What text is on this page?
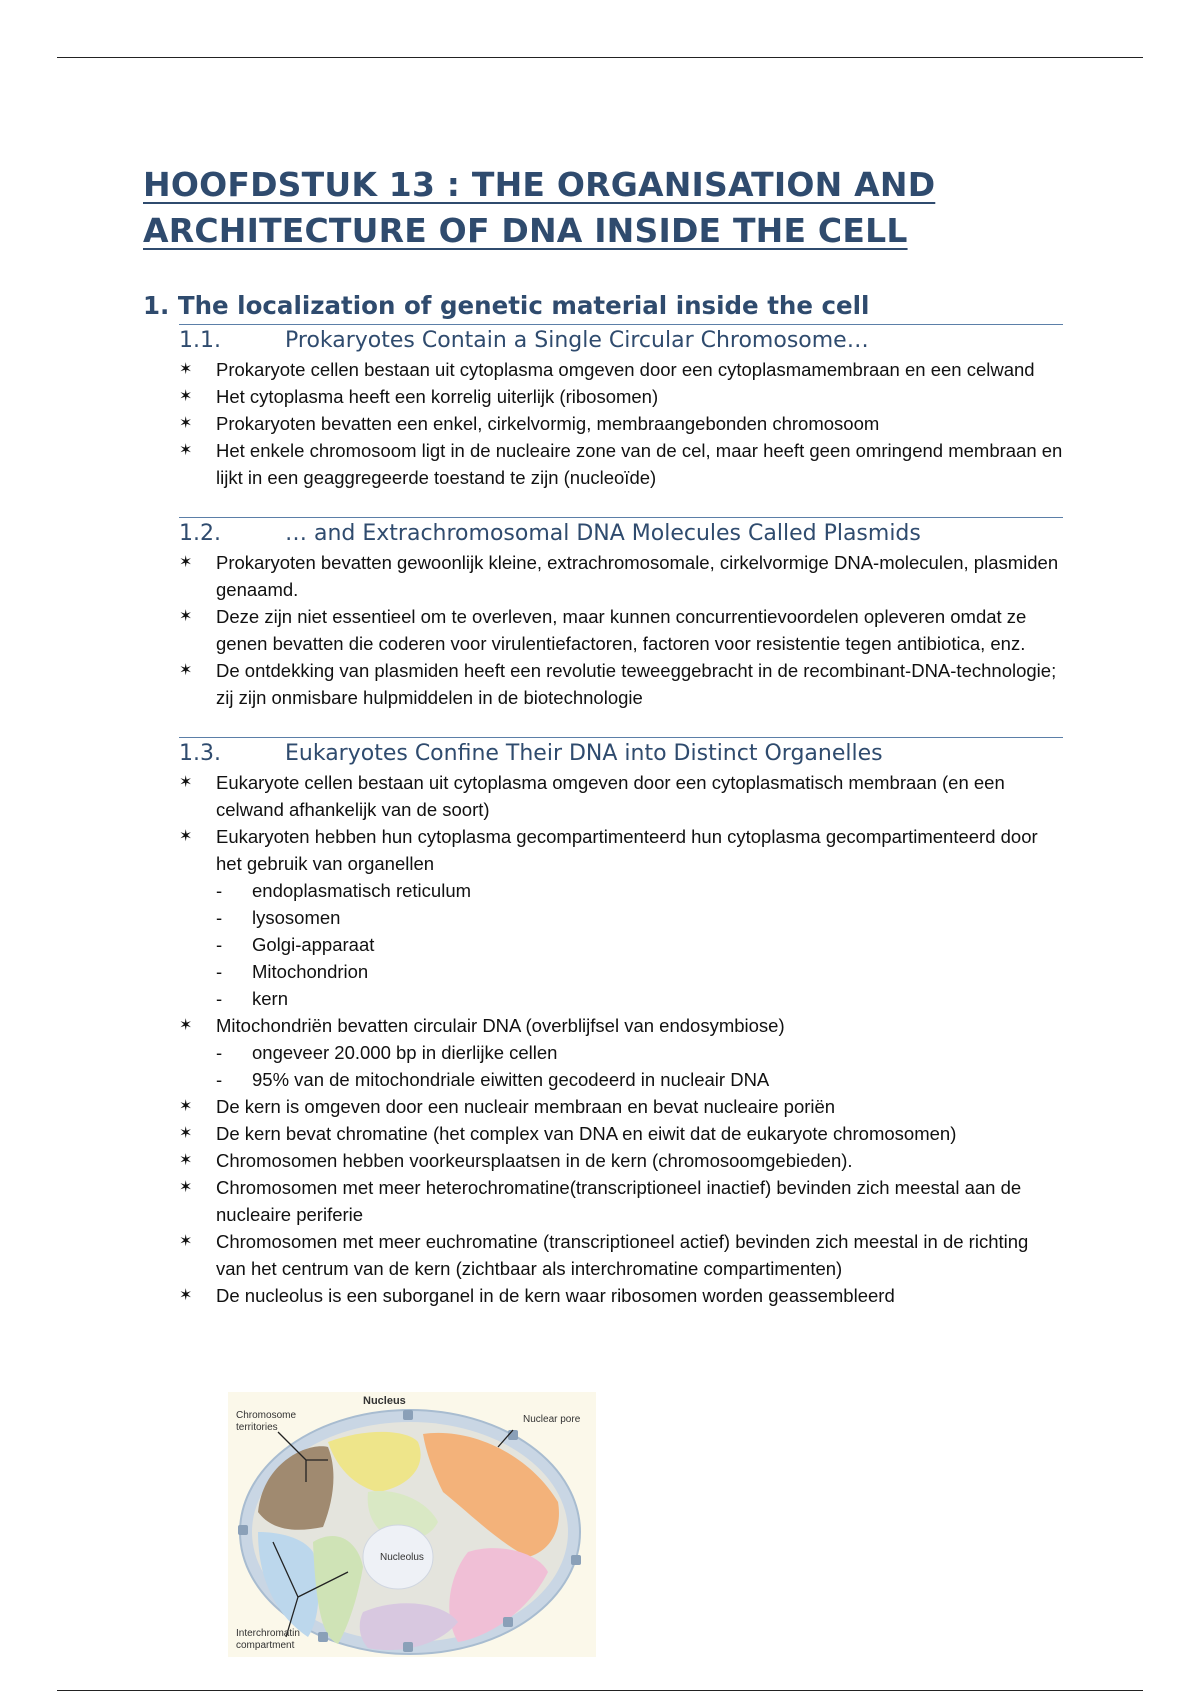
HOOFDSTUK 13 : THE ORGANISATION AND ARCHITECTURE OF DNA INSIDE THE CELL
1. The localization of genetic material inside the cell
1.1.	Prokaryotes Contain a Single Circular Chromosome…
✶ Prokaryote cellen bestaan uit cytoplasma omgeven door een cytoplasmamembraan en een celwand
✶ Het cytoplasma heeft een korrelig uiterlijk (ribosomen)
✶ Prokaryoten bevatten een enkel, cirkelvormig, membraangebonden chromosoom
✶ Het enkele chromosoom ligt in de nucleaire zone van de cel, maar heeft geen omringend membraan en lijkt in een geaggregeerde toestand te zijn (nucleoïde)
1.2.	… and Extrachromosomal DNA Molecules Called Plasmids
✶ Prokaryoten bevatten gewoonlijk kleine, extrachromosomale, cirkelvormige DNA-moleculen, plasmiden genaamd.
✶ Deze zijn niet essentieel om te overleven, maar kunnen concurrentievoordelen opleveren omdat ze genen bevatten die coderen voor virulentiefactoren, factoren voor resistentie tegen antibiotica, enz.
✶ De ontdekking van plasmiden heeft een revolutie teweeggebracht in de recombinant-DNA-technologie; zij zijn onmisbare hulpmiddelen in de biotechnologie
1.3.	Eukaryotes Confine Their DNA into Distinct Organelles
✶ Eukaryote cellen bestaan uit cytoplasma omgeven door een cytoplasmatisch membraan (en een celwand afhankelijk van de soort)
✶ Eukaryoten hebben hun cytoplasma gecompartimenteerd hun cytoplasma gecompartimenteerd door het gebruik van organellen
- endoplasmatisch reticulum
- lysosomen
- Golgi-apparaat
- Mitochondrion
- kern
✶ Mitochondriën bevatten circulair DNA (overblijfsel van endosymbiose)
- ongeveer 20.000 bp in dierlijke cellen
- 95% van de mitochondriale eiwitten gecodeerd in nucleair DNA
✶ De kern is omgeven door een nucleair membraan en bevat nucleaire poriën
✶ De kern bevat chromatine (het complex van DNA en eiwit dat de eukaryote chromosomen)
✶ Chromosomen hebben voorkeursplaatsen in de kern (chromosoomgebieden).
✶ Chromosomen met meer heterochromatine(transcriptioneel inactief) bevinden zich meestal aan de nucleaire periferie
✶ Chromosomen met meer euchromatine (transcriptioneel actief) bevinden zich meestal in de richting van het centrum van de kern (zichtbaar als interchromatine compartimenten)
✶ De nucleolus is een suborganel in de kern waar ribosomen worden geassembleerd
Nucleus
Chromosome
territories
Nuclear pore
Nucleolus
Interchromatin
compartment
